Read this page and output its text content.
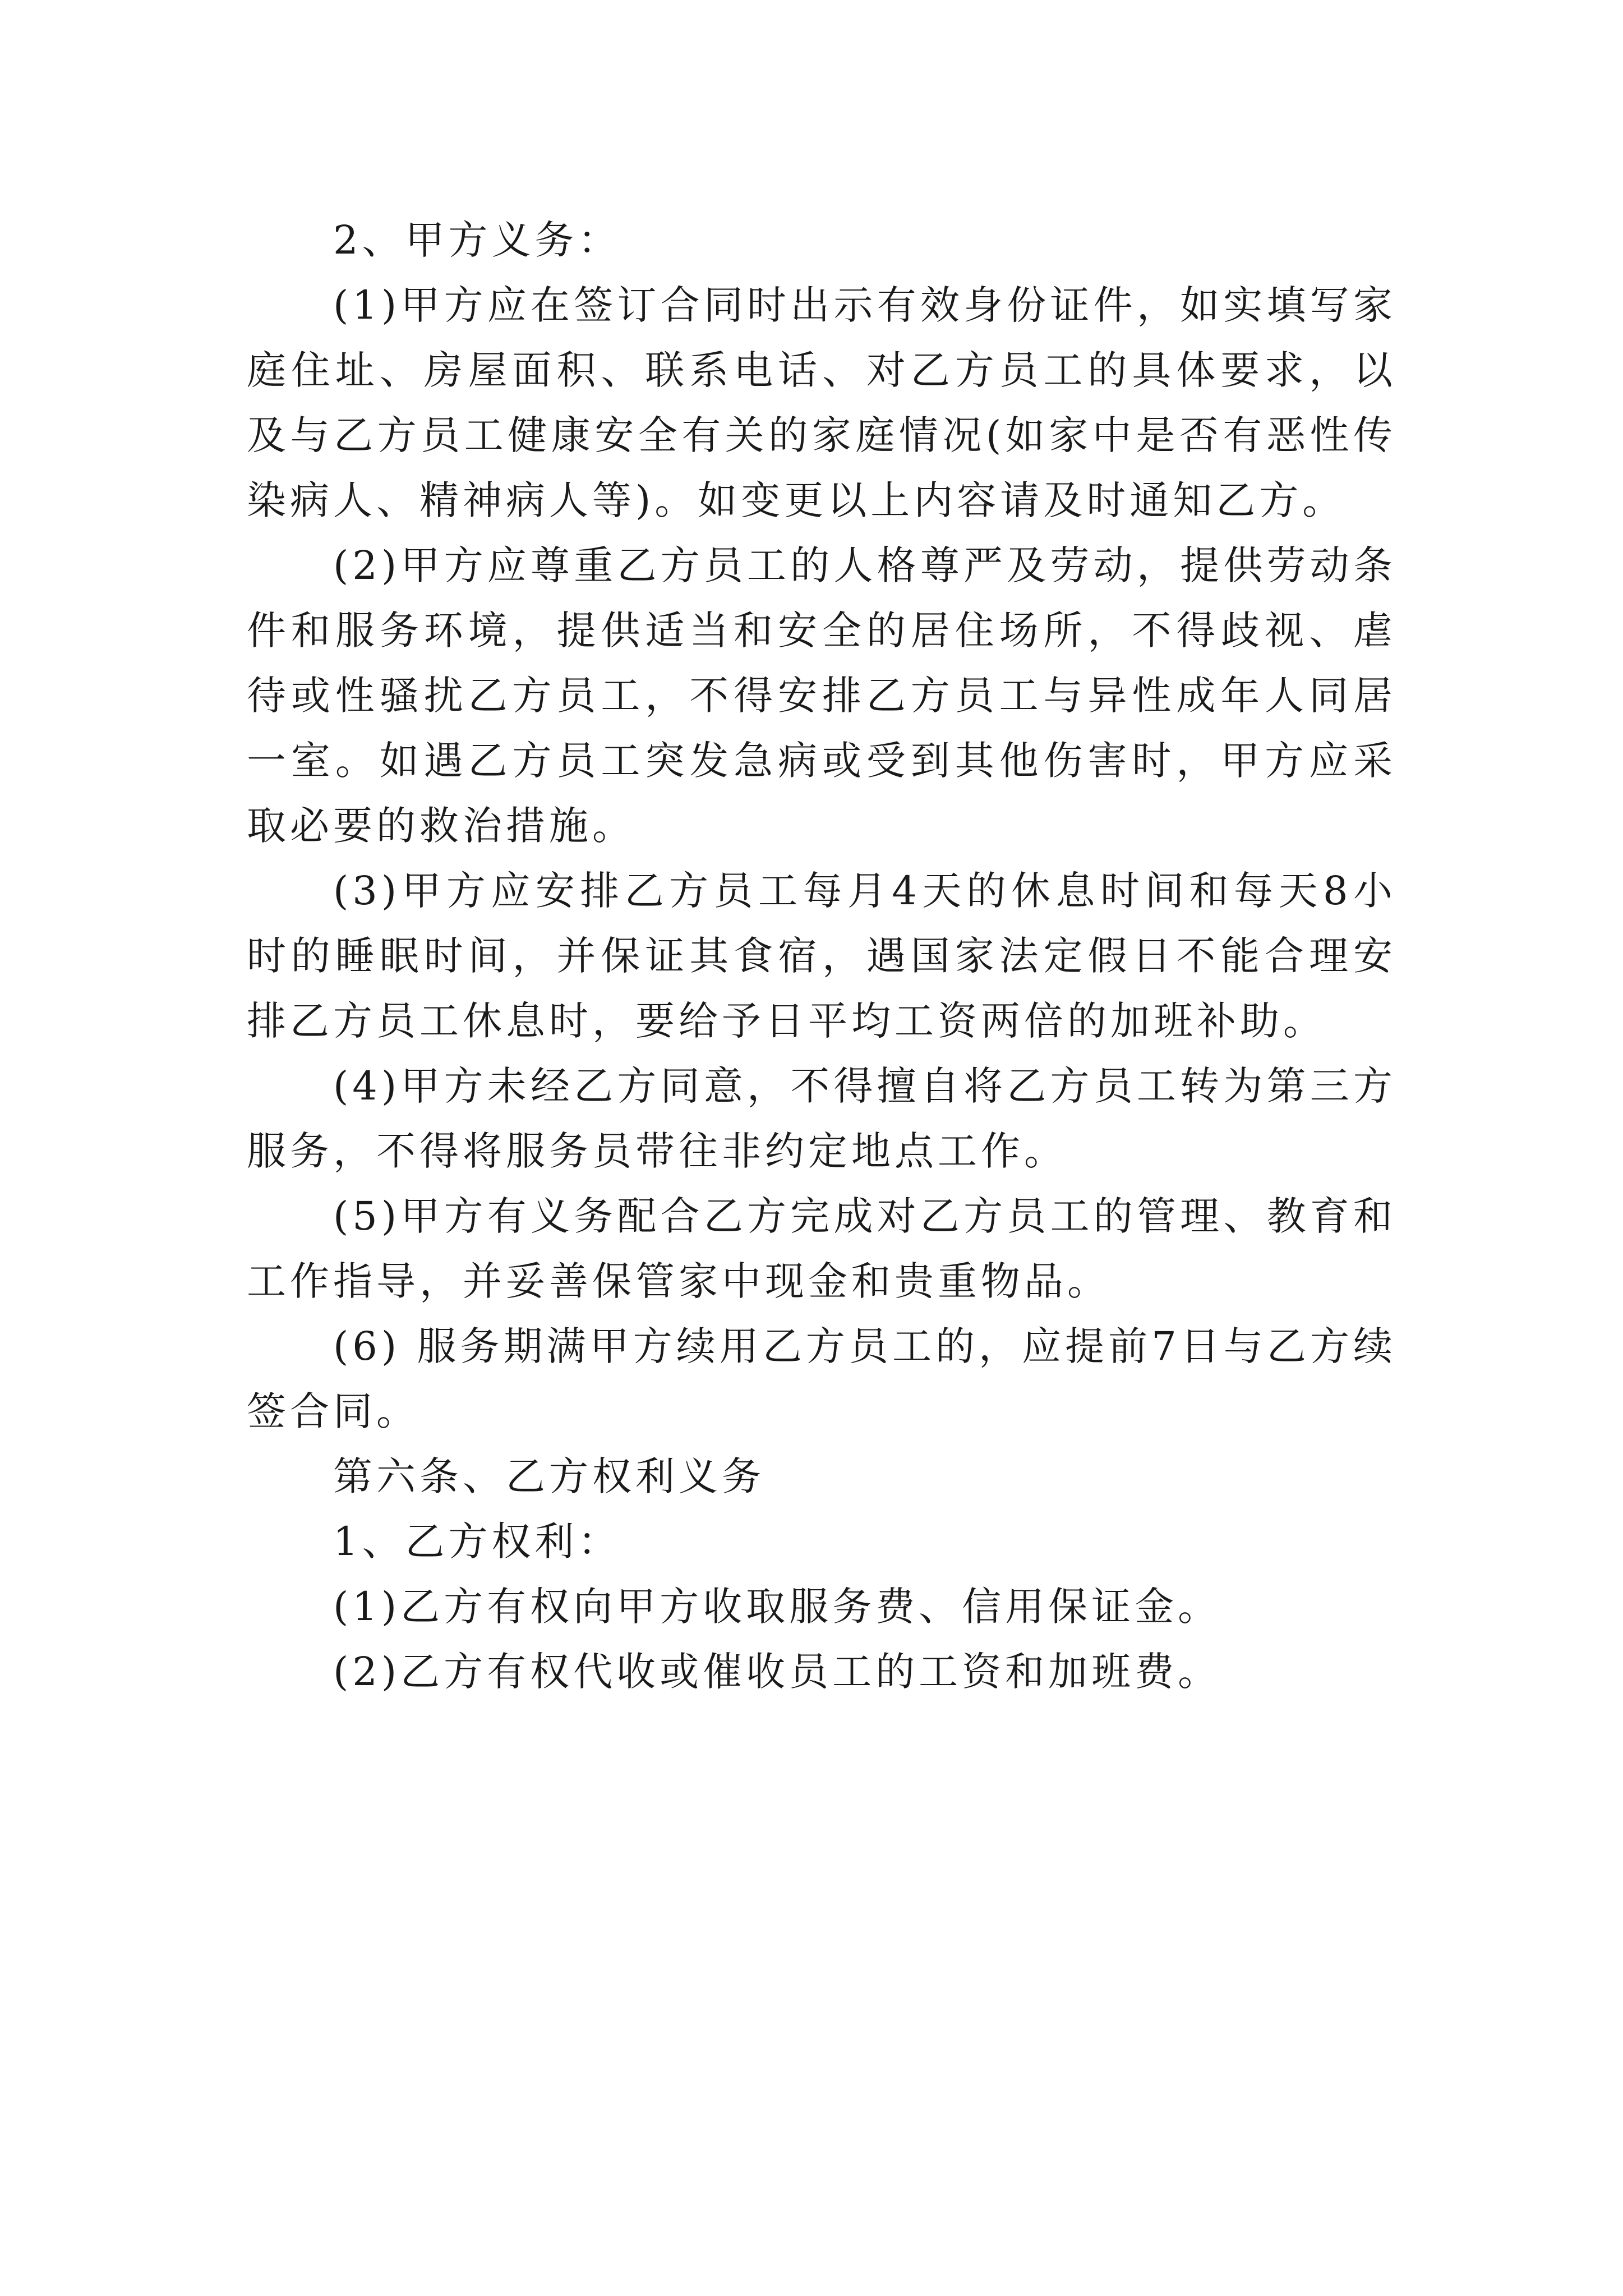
2、甲方义务：

(1)甲方应在签订合同时出示有效身份证件，如实填写家庭住址、房屋面积、联系电话、对乙方员工的具体要求，以及与乙方员工健康安全有关的家庭情况(如家中是否有恶性传染病人、精神病人等)。如变更以上内容请及时通知乙方。

(2)甲方应尊重乙方员工的人格尊严及劳动，提供劳动条件和服务环境，提供适当和安全的居住场所，不得歧视、虐待或性骚扰乙方员工，不得安排乙方员工与异性成年人同居一室。如遇乙方员工突发急病或受到其他伤害时，甲方应采取必要的救治措施。

(3)甲方应安排乙方员工每月4天的休息时间和每天8小时的睡眠时间，并保证其食宿，遇国家法定假日不能合理安排乙方员工休息时，要给予日平均工资两倍的加班补助。

(4)甲方未经乙方同意，不得擅自将乙方员工转为第三方服务，不得将服务员带往非约定地点工作。

(5)甲方有义务配合乙方完成对乙方员工的管理、教育和工作指导，并妥善保管家中现金和贵重物品。

(6) 服务期满甲方续用乙方员工的，应提前7日与乙方续签合同。

第六条、乙方权利义务

1、乙方权利：

(1)乙方有权向甲方收取服务费、信用保证金。

(2)乙方有权代收或催收员工的工资和加班费。
